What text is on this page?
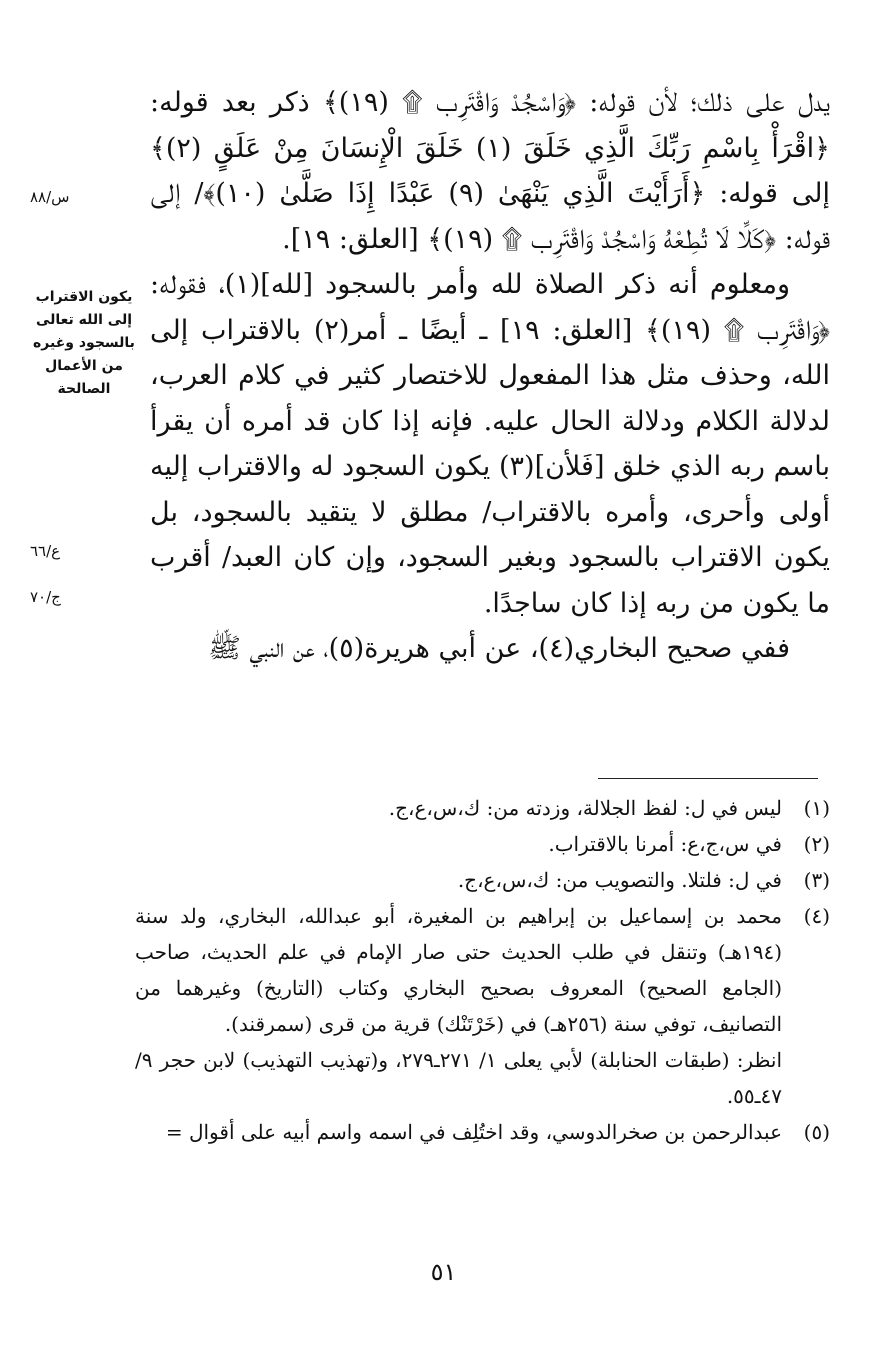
يدل على ذلك؛ لأن قوله: ﴿وَاسْجُدْ وَاقْتَرِب ۩ (١٩)﴾ ذكر بعد قوله: ﴿اقْرَأْ بِاسْمِ رَبِّكَ الَّذِي خَلَقَ (١) خَلَقَ الْإِنسَانَ مِنْ عَلَقٍ (٢)﴾ إلى قوله: ﴿أَرَأَيْتَ الَّذِي يَنْهَىٰ (٩) عَبْدًا إِذَا صَلَّىٰ (١٠)﴾/ إلى قوله: ﴿كَلَّا لَا تُطِعْهُ وَاسْجُدْ وَاقْتَرِب ۩ (١٩)﴾ [العلق: ١٩].

ومعلوم أنه ذكر الصلاة لله وأمر بالسجود [لله](١)، فقوله: ﴿وَاقْتَرِب ۩ (١٩)﴾ [العلق: ١٩] ـ أيضًا ـ أمر(٢) بالاقتراب إلى الله، وحذف مثل هذا المفعول للاختصار كثير في كلام العرب، لدلالة الكلام ودلالة الحال عليه. فإنه إذا كان قد أمره أن يقرأ باسم ربه الذي خلق [فَلأن](٣) يكون السجود له والاقتراب إليه أولى وأحرى، وأمره بالاقتراب/ مطلق لا يتقيد بالسجود، بل يكون الاقتراب بالسجود وبغير السجود، وإن كان العبد/ أقرب ما يكون من ربه إذا كان ساجدًا.

ففي صحيح البخاري(٤)، عن أبي هريرة(٥)، عن النبي ﷺ

س/٨٨
يكون الاقتراب إلى الله تعالى بالسجود وغيره من الأعمال الصالحة
ع/٦٦
ج/٧٠
(١)
ليس في ل: لفظ الجلالة، وزدته من: ك،س،ع،ج.
(٢)
في س،ج،ع: أمرنا بالاقتراب.
(٣)
في ل: فلتلا. والتصويب من: ك،س،ع،ج.
(٤)
محمد بن إسماعيل بن إبراهيم بن المغيرة، أبو عبدالله، البخاري، ولد سنة (١٩٤هـ) وتنقل في طلب الحديث حتى صار الإمام في علم الحديث، صاحب (الجامع الصحيح) المعروف بصحيح البخاري وكتاب (التاريخ) وغيرهما من التصانيف، توفي سنة (٢٥٦هـ) في (خَرْتَنْك) قرية من قرى (سمرقند).
انظر: (طبقات الحنابلة) لأبي يعلى ١/ ٢٧١ـ٢٧٩، و(تهذيب التهذيب) لابن حجر ٩/ ٤٧ـ٥٥.
(٥)
عبدالرحمن بن صخرالدوسي، وقد اختُلِف في اسمه واسم أبيه على أقوال =
٥١
